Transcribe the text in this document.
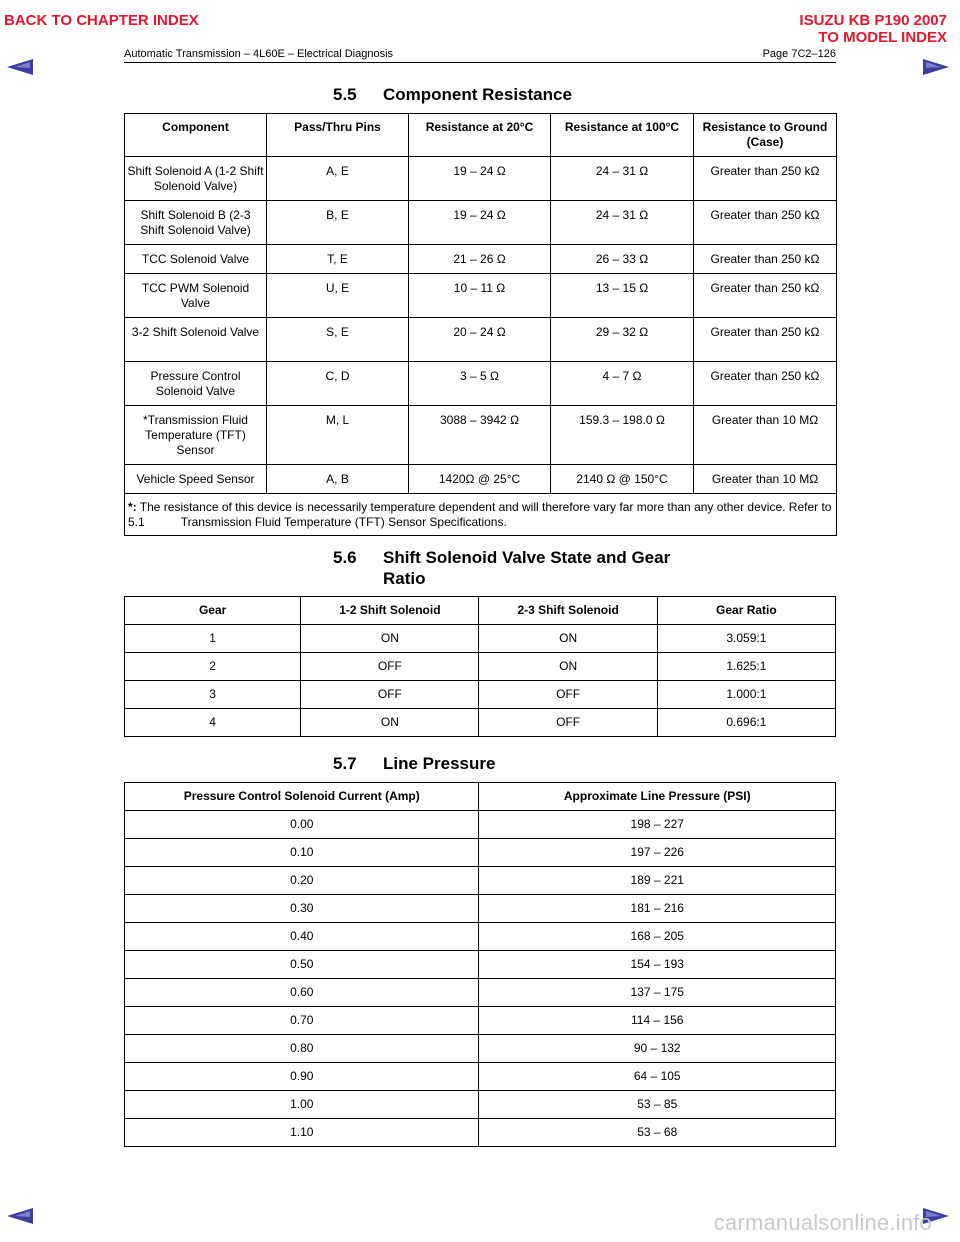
BACK TO CHAPTER INDEX	ISUZU KB P190 2007
TO MODEL INDEX
Automatic Transmission – 4L60E – Electrical Diagnosis	Page 7C2–126
5.5 Component Resistance
Component	Pass/Thru Pins	Resistance at 20°C	Resistance at 100°C	Resistance to Ground (Case)
Shift Solenoid A (1-2 Shift Solenoid Valve)	A, E	19 – 24 Ω	24 – 31 Ω	Greater than 250 kΩ
Shift Solenoid B (2-3 Shift Solenoid Valve)	B, E	19 – 24 Ω	24 – 31 Ω	Greater than 250 kΩ
TCC Solenoid Valve	T, E	21 – 26 Ω	26 – 33 Ω	Greater than 250 kΩ
TCC PWM Solenoid Valve	U, E	10 – 11 Ω	13 – 15 Ω	Greater than 250 kΩ
3-2 Shift Solenoid Valve	S, E	20 – 24 Ω	29 – 32 Ω	Greater than 250 kΩ
Pressure Control Solenoid Valve	C, D	3 – 5 Ω	4 – 7 Ω	Greater than 250 kΩ
*Transmission Fluid Temperature (TFT) Sensor	M, L	3088 – 3942 Ω	159.3 – 198.0 Ω	Greater than 10 MΩ
Vehicle Speed Sensor	A, B	1420Ω @ 25°C	2140 Ω @ 150°C	Greater than 10 MΩ
*: The resistance of this device is necessarily temperature dependent and will therefore vary far more than any other device. Refer to 5.1 Transmission Fluid Temperature (TFT) Sensor Specifications.				
5.6 Shift Solenoid Valve State and Gear Ratio
Gear	1-2 Shift Solenoid	2-3 Shift Solenoid	Gear Ratio
1	ON	ON	3.059:1
2	OFF	ON	1.625:1
3	OFF	OFF	1.000:1
4	ON	OFF	0.696:1
5.7 Line Pressure
Pressure Control Solenoid Current (Amp)	Approximate Line Pressure (PSI)
0.00	198 – 227
0.10	197 – 226
0.20	189 – 221
0.30	181 – 216
0.40	168 – 205
0.50	154 – 193
0.60	137 – 175
0.70	114 – 156
0.80	90 – 132
0.90	64 – 105
1.00	53 – 85
1.10	53 – 68
carmanualsonline.info
